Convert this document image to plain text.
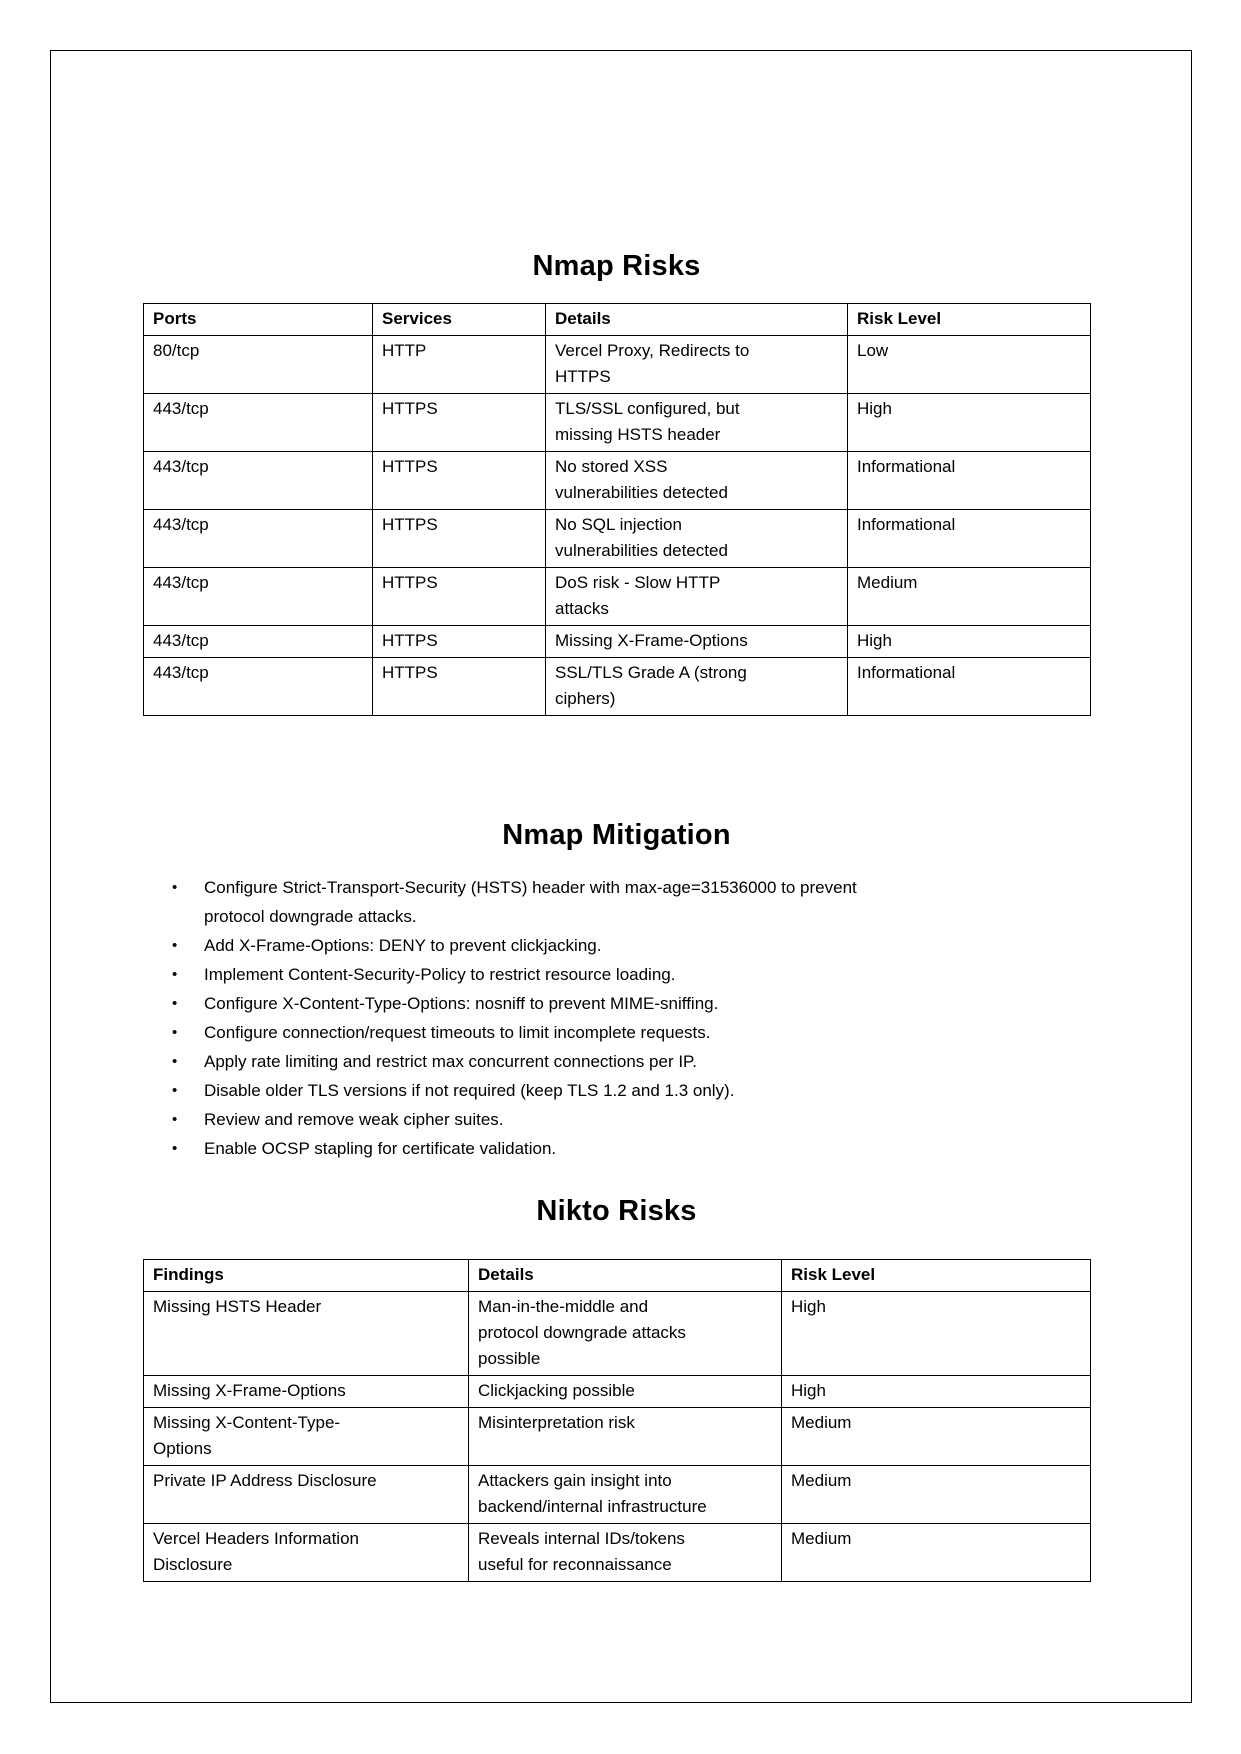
Nmap Risks
Ports	Services	Details	Risk Level
80/tcp	HTTP	Vercel Proxy, Redirects to HTTPS	Low
443/tcp	HTTPS	TLS/SSL configured, but missing HSTS header	High
443/tcp	HTTPS	No stored XSS vulnerabilities detected	Informational
443/tcp	HTTPS	No SQL injection vulnerabilities detected	Informational
443/tcp	HTTPS	DoS risk - Slow HTTP attacks	Medium
443/tcp	HTTPS	Missing X-Frame-Options	High
443/tcp	HTTPS	SSL/TLS Grade A (strong ciphers)	Informational
Nmap Mitigation
• Configure Strict-Transport-Security (HSTS) header with max-age=31536000 to prevent protocol downgrade attacks.
• Add X-Frame-Options: DENY to prevent clickjacking.
• Implement Content-Security-Policy to restrict resource loading.
• Configure X-Content-Type-Options: nosniff to prevent MIME-sniffing.
• Configure connection/request timeouts to limit incomplete requests.
• Apply rate limiting and restrict max concurrent connections per IP.
• Disable older TLS versions if not required (keep TLS 1.2 and 1.3 only).
• Review and remove weak cipher suites.
• Enable OCSP stapling for certificate validation.
Nikto Risks
Findings	Details	Risk Level
Missing HSTS Header	Man-in-the-middle and protocol downgrade attacks possible	High
Missing X-Frame-Options	Clickjacking possible	High
Missing X-Content-Type-Options	Misinterpretation risk	Medium
Private IP Address Disclosure	Attackers gain insight into backend/internal infrastructure	Medium
Vercel Headers Information Disclosure	Reveals internal IDs/tokens useful for reconnaissance	Medium
